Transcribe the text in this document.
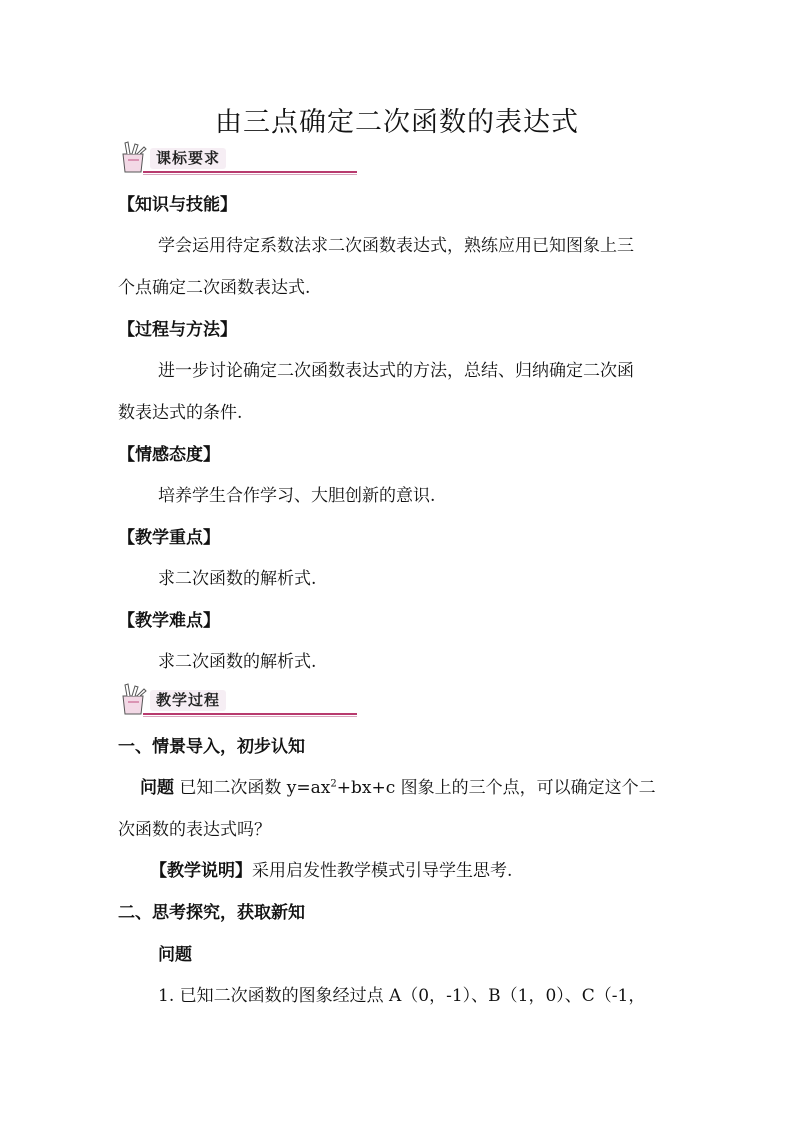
由三点确定二次函数的表达式
课标要求
【知识与技能】
学会运用待定系数法求二次函数表达式，熟练应用已知图象上三
个点确定二次函数表达式.
【过程与方法】
进一步讨论确定二次函数表达式的方法，总结、归纳确定二次函
数表达式的条件.
【情感态度】
培养学生合作学习、大胆创新的意识.
【教学重点】
求二次函数的解析式.
【教学难点】
求二次函数的解析式.
教学过程
一、情景导入，初步认知
问题 已知二次函数 $y=ax^2+bx+c$ 图象上的三个点，可以确定这个二
次函数的表达式吗？
【教学说明】采用启发性教学模式引导学生思考.
二、思考探究，获取新知
问题
1. 已知二次函数的图象经过点 A（0，-1）、B（1，0）、C（-1，
